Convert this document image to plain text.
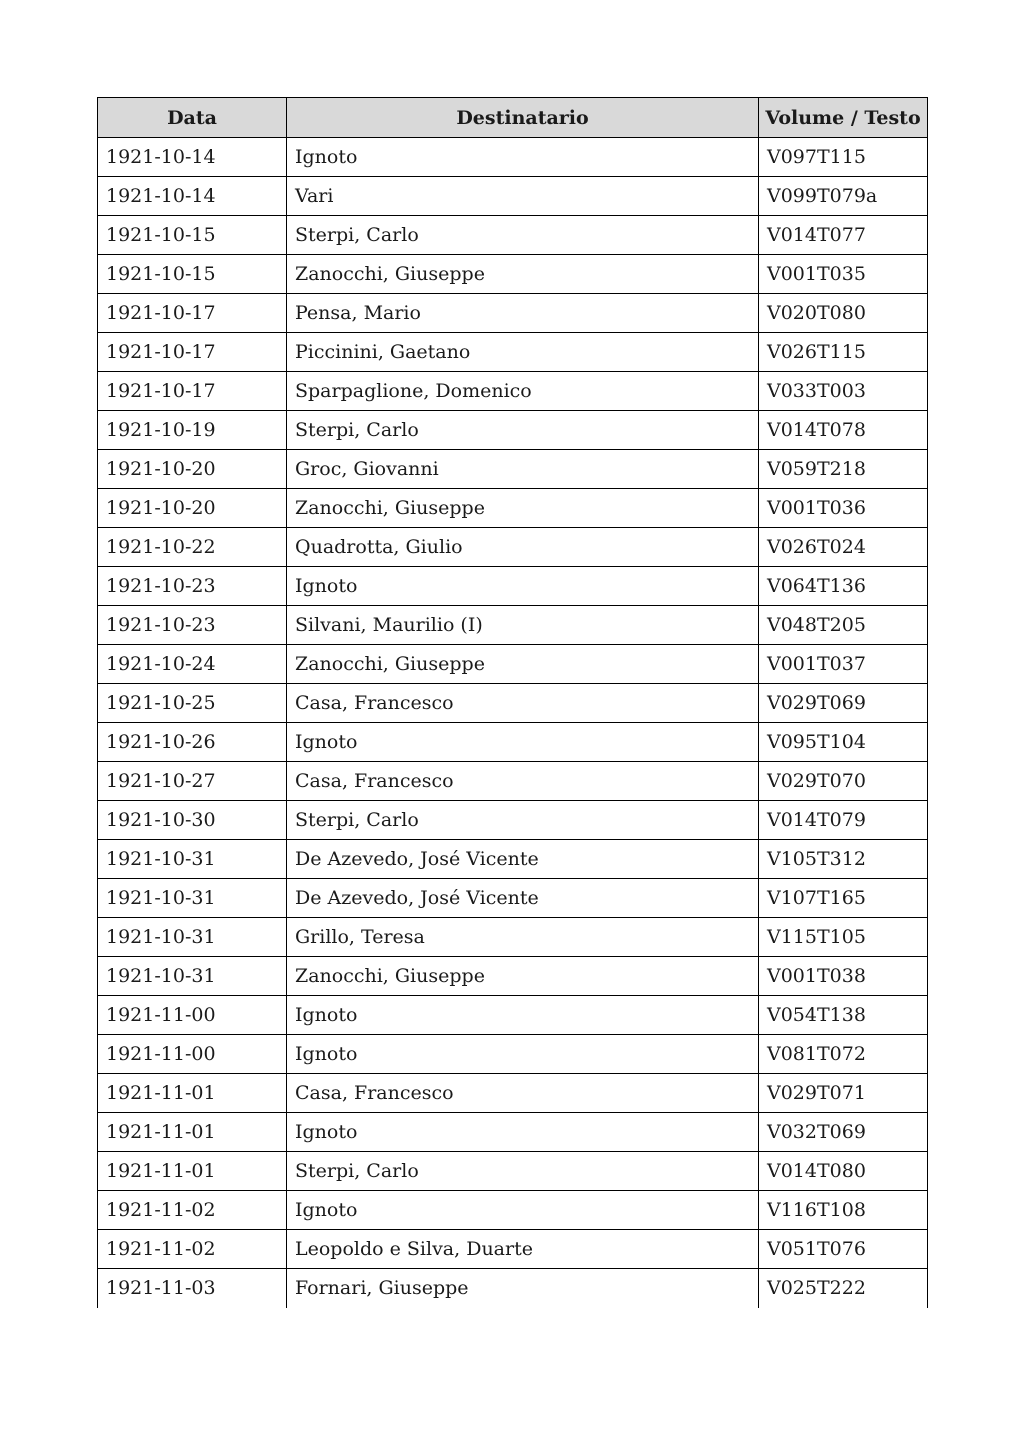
Data	Destinatario	Volume / Testo
1921-10-14	Ignoto	V097T115
1921-10-14	Vari	V099T079a
1921-10-15	Sterpi, Carlo	V014T077
1921-10-15	Zanocchi, Giuseppe	V001T035
1921-10-17	Pensa, Mario	V020T080
1921-10-17	Piccinini, Gaetano	V026T115
1921-10-17	Sparpaglione, Domenico	V033T003
1921-10-19	Sterpi, Carlo	V014T078
1921-10-20	Groc, Giovanni	V059T218
1921-10-20	Zanocchi, Giuseppe	V001T036
1921-10-22	Quadrotta, Giulio	V026T024
1921-10-23	Ignoto	V064T136
1921-10-23	Silvani, Maurilio (I)	V048T205
1921-10-24	Zanocchi, Giuseppe	V001T037
1921-10-25	Casa, Francesco	V029T069
1921-10-26	Ignoto	V095T104
1921-10-27	Casa, Francesco	V029T070
1921-10-30	Sterpi, Carlo	V014T079
1921-10-31	De Azevedo, José Vicente	V105T312
1921-10-31	De Azevedo, José Vicente	V107T165
1921-10-31	Grillo, Teresa	V115T105
1921-10-31	Zanocchi, Giuseppe	V001T038
1921-11-00	Ignoto	V054T138
1921-11-00	Ignoto	V081T072
1921-11-01	Casa, Francesco	V029T071
1921-11-01	Ignoto	V032T069
1921-11-01	Sterpi, Carlo	V014T080
1921-11-02	Ignoto	V116T108
1921-11-02	Leopoldo e Silva, Duarte	V051T076
1921-11-03	Fornari, Giuseppe	V025T222
